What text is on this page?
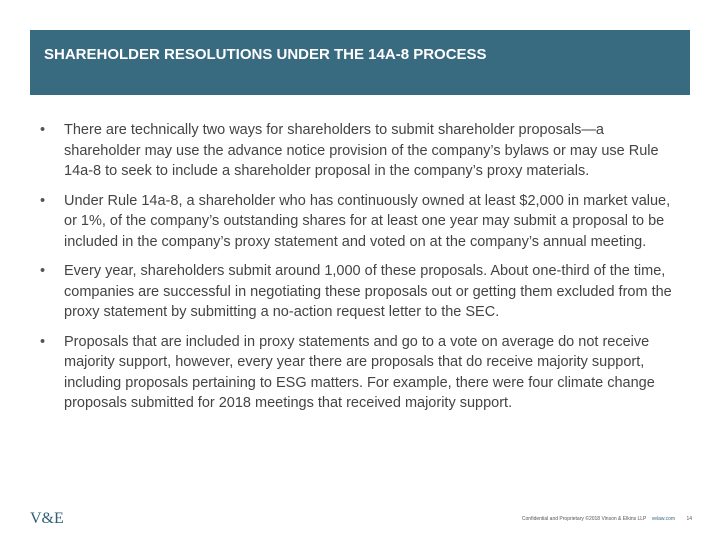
SHAREHOLDER RESOLUTIONS UNDER THE 14A-8 PROCESS
•	There are technically two ways for shareholders to submit shareholder proposals—a shareholder may use the advance notice provision of the company’s bylaws or may use Rule 14a-8 to seek to include a shareholder proposal in the company’s proxy materials.
•	Under Rule 14a-8, a shareholder who has continuously owned at least $2,000 in market value, or 1%, of the company’s outstanding shares for at least one year may submit a proposal to be included in the company’s proxy statement and voted on at the company’s annual meeting.
•	Every year, shareholders submit around 1,000 of these proposals. About one-third of the time, companies are successful in negotiating these proposals out or getting them excluded from the proxy statement by submitting a no-action request letter to the SEC.
•	Proposals that are included in proxy statements and go to a vote on average do not receive majority support, however, every year there are proposals that do receive majority support, including proposals pertaining to ESG matters. For example, there were four climate change proposals submitted for 2018 meetings that received majority support.
V&E	Confidential and Proprietary ©2018 Vinson & Elkins LLP velaw.com 14
